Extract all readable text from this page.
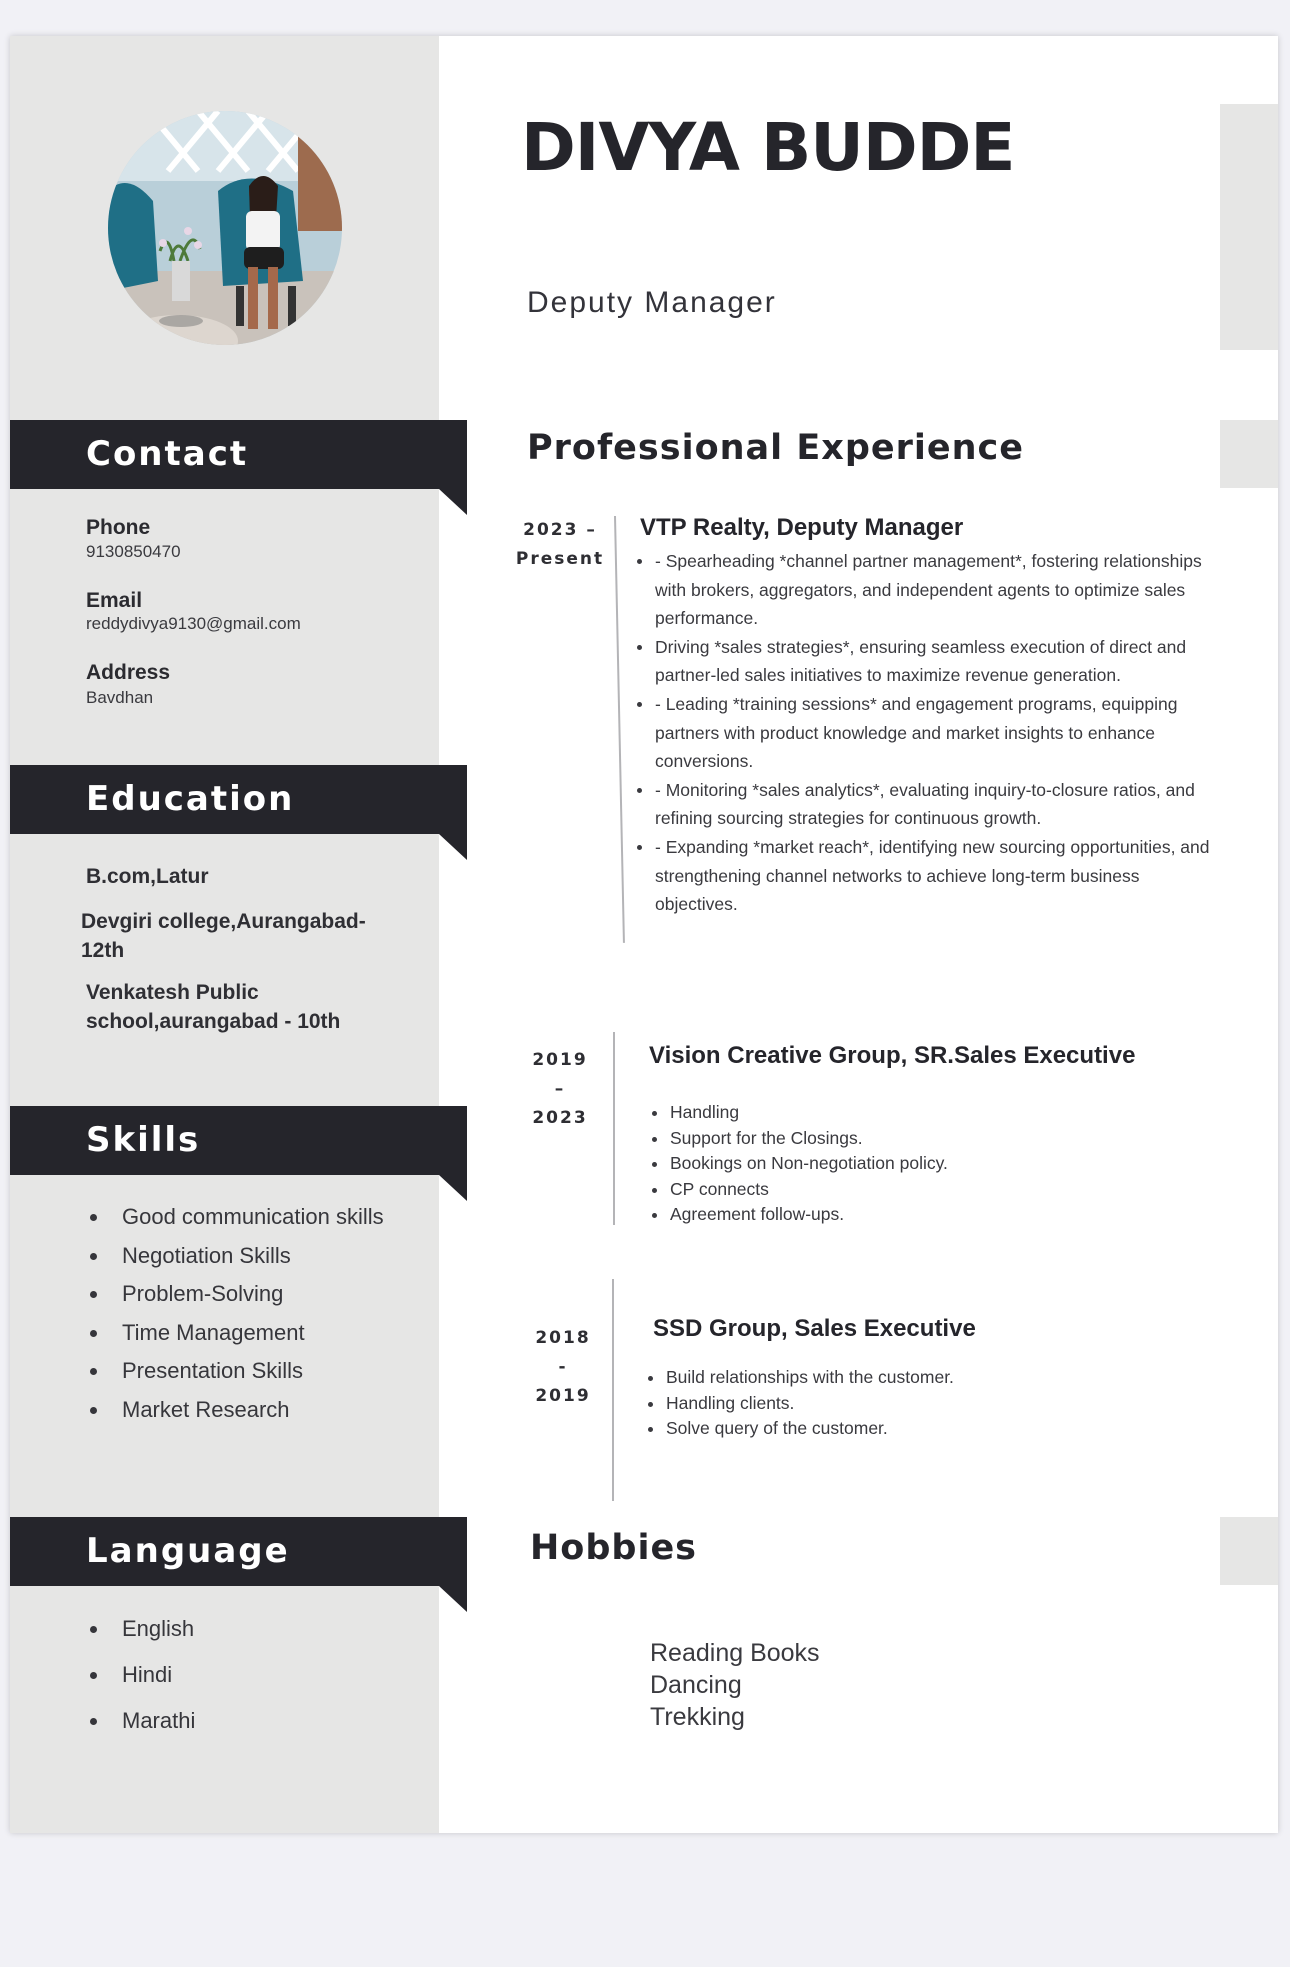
Contact
Phone
9130850470
Email
reddydivya9130@gmail.com
Address
Bavdhan
Education
B.com,Latur
Devgiri college,Aurangabad-12th
Venkatesh Public school,aurangabad - 10th
Skills
Good communication skills
Negotiation Skills
Problem-Solving
Time Management
Presentation Skills
Market Research
Language
English
Hindi
Marathi
DIVYA BUDDE
Deputy Manager
Professional Experience
2023 –
Present
VTP Realty, Deputy Manager
- Spearheading *channel partner management*, fostering relationships with brokers, aggregators, and independent agents to optimize sales performance.
Driving *sales strategies*, ensuring seamless execution of direct and partner-led sales initiatives to maximize revenue generation.
- Leading *training sessions* and engagement programs, equipping partners with product knowledge and market insights to enhance conversions.
- Monitoring *sales analytics*, evaluating inquiry-to-closure ratios, and refining sourcing strategies for continuous growth.
- Expanding *market reach*, identifying new sourcing opportunities, and strengthening channel networks to achieve long-term business objectives.
2019
–
2023
Vision Creative Group, SR.Sales Executive
Handling
Support for the Closings.
Bookings on Non-negotiation policy.
CP connects
Agreement follow-ups.
2018
-
2019
SSD Group, Sales Executive
Build relationships with the customer.
Handling clients.
Solve query of the customer.
Hobbies
Reading Books
Dancing
Trekking
